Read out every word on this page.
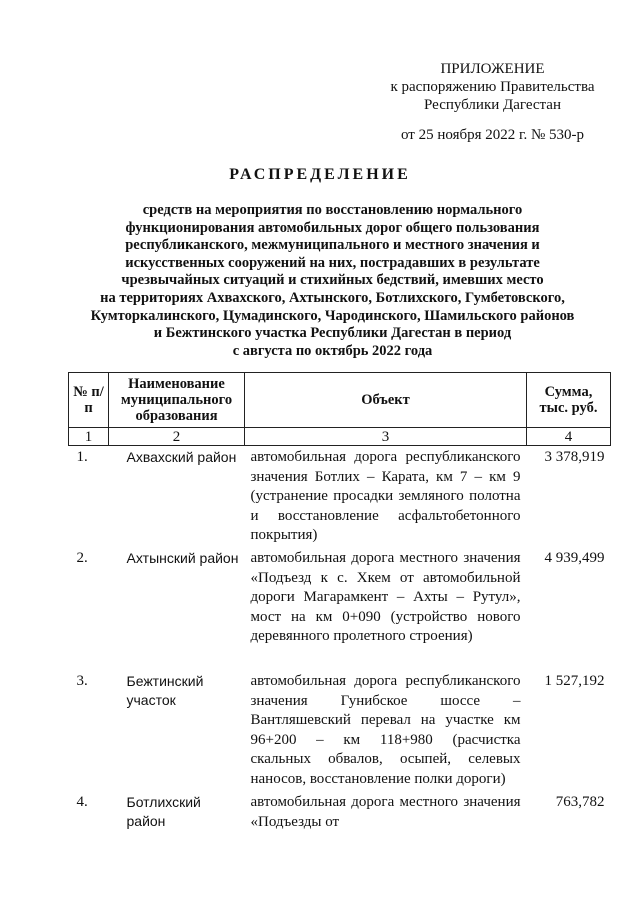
ПРИЛОЖЕНИЕ
к распоряжению Правительства
Республики Дагестан
от 25 ноября 2022 г. № 530-р
РАСПРЕДЕЛЕНИЕ
средств на мероприятия по восстановлению нормального
функционирования автомобильных дорог общего пользования
республиканского, межмуниципального и местного значения и
искусственных сооружений на них, пострадавших в результате
чрезвычайных ситуаций и стихийных бедствий, имевших место
на территориях Ахвахского, Ахтынского, Ботлихского, Гумбетовского,
Кумторкалинского, Цумадинского, Чародинского, Шамильского районов
и Бежтинского участка Республики Дагестан в период
с августа по октябрь 2022 года
№ п/п	Наименование муниципального образования	Объект	Сумма, тыс. руб.
1	2	3	4
1.	Ахвахский район	автомобильная дорога республиканского значения Ботлих – Карата, км 7 – км 9 (устранение просадки земляного полотна и восстановление асфальтобетонного покрытия)	3 378,919
2.	Ахтынский район	автомобильная дорога местного значения «Подъезд к с. Хкем от автомобильной дороги Магарамкент – Ахты – Рутул», мост на км 0+090 (устройство нового деревянного пролетного строения)	4 939,499
3.	Бежтинский участок	автомобильная дорога республиканского значения Гунибское шоссе – Вантляшевский перевал на участке км 96+200 – км 118+980 (расчистка скальных обвалов, осыпей, селевых наносов, восстановление полки дороги)	1 527,192
4.	Ботлихский район	автомобильная дорога местного значения «Подъезды от	763,782
